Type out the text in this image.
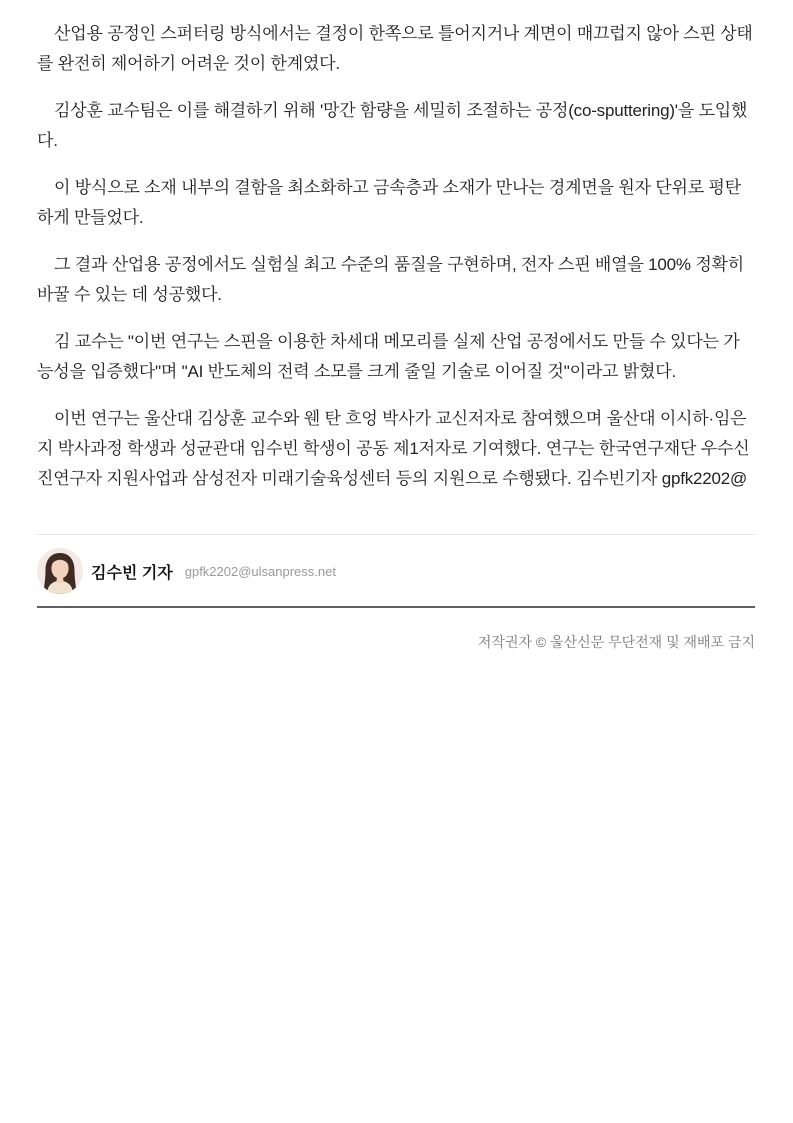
산업용 공정인 스퍼터링 방식에서는 결정이 한쪽으로 틀어지거나 계면이 매끄럽지 않아 스핀 상태를 완전히 제어하기 어려운 것이 한계였다.

김상훈 교수팀은 이를 해결하기 위해 '망간 함량을 세밀히 조절하는 공정(co-sputtering)'을 도입했다.

이 방식으로 소재 내부의 결함을 최소화하고 금속층과 소재가 만나는 경계면을 원자 단위로 평탄하게 만들었다.

그 결과 산업용 공정에서도 실험실 최고 수준의 품질을 구현하며, 전자 스핀 배열을 100% 정확히 바꿀 수 있는 데 성공했다.

김 교수는 "이번 연구는 스핀을 이용한 차세대 메모리를 실제 산업 공정에서도 만들 수 있다는 가능성을 입증했다"며 "AI 반도체의 전력 소모를 크게 줄일 기술로 이어질 것"이라고 밝혔다.

이번 연구는 울산대 김상훈 교수와 웬 탄 흐엉 박사가 교신저자로 참여했으며 울산대 이시하·임은지 박사과정 학생과 성균관대 임수빈 학생이 공동 제1저자로 기여했다. 연구는 한국연구재단 우수신진연구자 지원사업과 삼성전자 미래기술육성센터 등의 지원으로 수행됐다. 김수빈기자 gpfk2202@

김수빈 기자 gpfk2202@ulsanpress.net
저작권자 © 울산신문 무단전재 및 재배포 금지
